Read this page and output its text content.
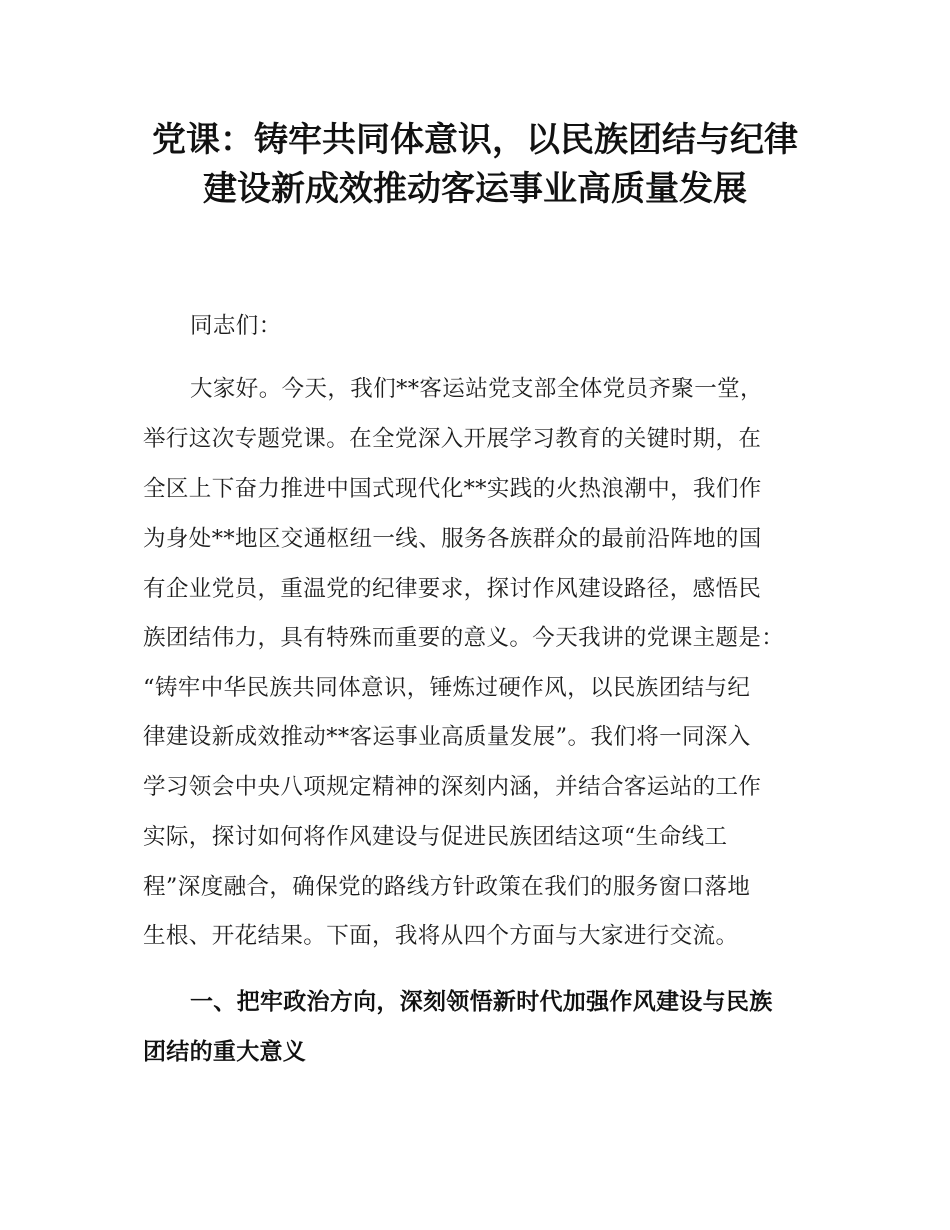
党课：铸牢共同体意识，以民族团结与纪律
建设新成效推动客运事业高质量发展

同志们：

大家好。今天，我们**客运站党支部全体党员齐聚一堂，

举行这次专题党课。在全党深入开展学习教育的关键时期，在

全区上下奋力推进中国式现代化**实践的火热浪潮中，我们作

为身处**地区交通枢纽一线、服务各族群众的最前沿阵地的国

有企业党员，重温党的纪律要求，探讨作风建设路径，感悟民

族团结伟力，具有特殊而重要的意义。今天我讲的党课主题是：

“铸牢中华民族共同体意识，锤炼过硬作风，以民族团结与纪

律建设新成效推动**客运事业高质量发展”。我们将一同深入

学习领会中央八项规定精神的深刻内涵，并结合客运站的工作

实际，探讨如何将作风建设与促进民族团结这项“生命线工

程”深度融合，确保党的路线方针政策在我们的服务窗口落地

生根、开花结果。下面，我将从四个方面与大家进行交流。

一、把牢政治方向，深刻领悟新时代加强作风建设与民族
团结的重大意义
